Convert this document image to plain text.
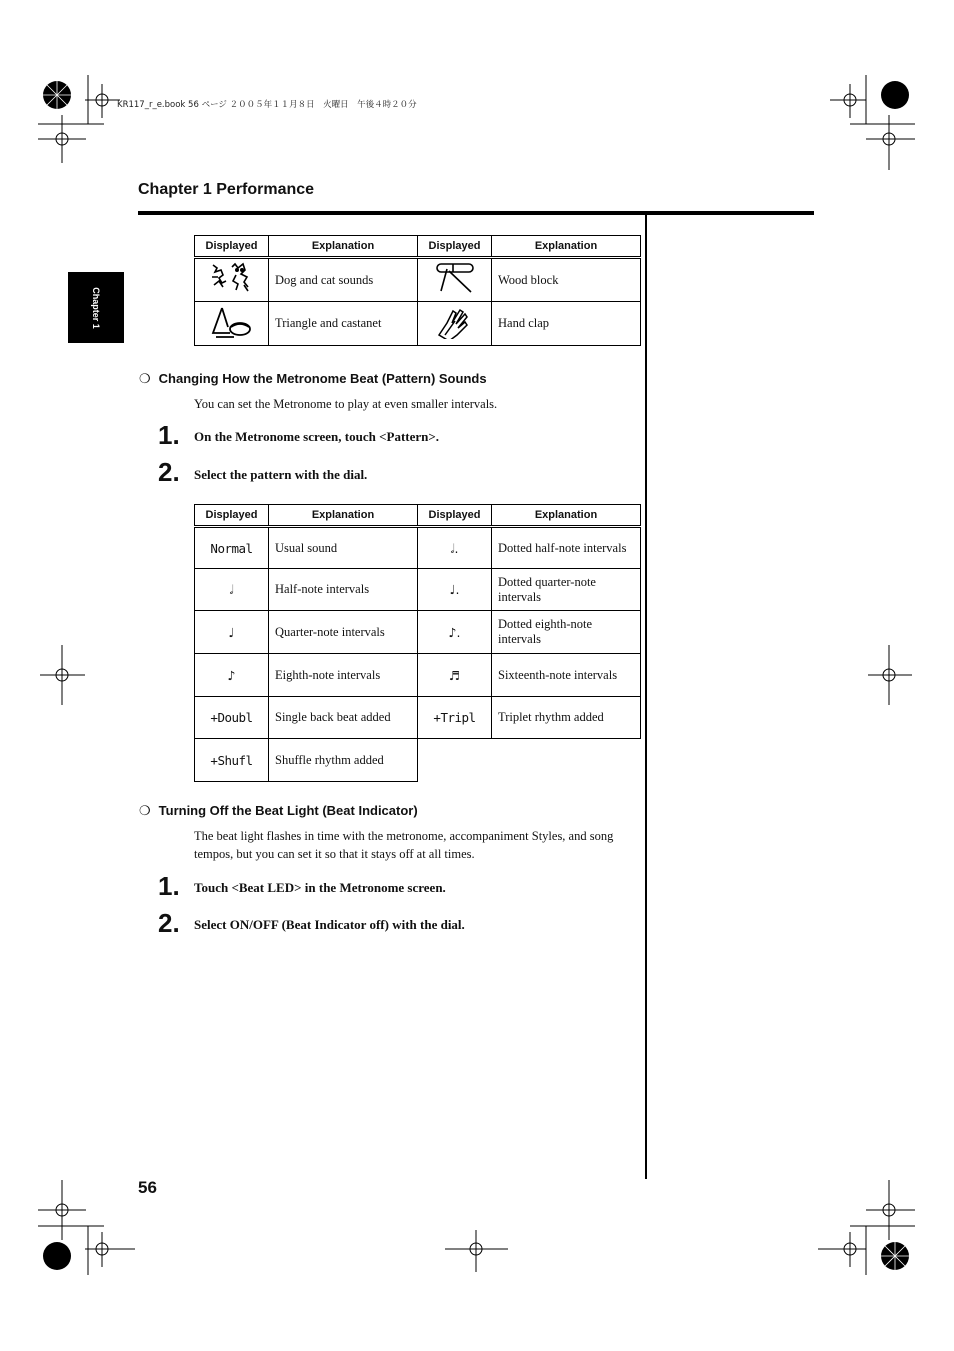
KR117_r_e.book 56 ページ ２００５年１１月８日　火曜日　午後４時２０分
Chapter 1 Performance
Chapter 1
Displayed	Explanation	Displayed	Explanation
	Dog and cat sounds		Wood block
	Triangle and castanet		Hand clap
❍ Changing How the Metronome Beat (Pattern) Sounds
You can set the Metronome to play at even smaller intervals.
1. On the Metronome screen, touch <Pattern>.
2. Select the pattern with the dial.
Displayed	Explanation	Displayed	Explanation
Normal	Usual sound	𝅗𝅥.	Dotted half-note intervals
𝅗𝅥	Half-note intervals	♩.	Dotted quarter-note intervals
♩	Quarter-note intervals	♪.	Dotted eighth-note intervals
♪	Eighth-note intervals	♬	Sixteenth-note intervals
+Doubl	Single back beat added	+Tripl	Triplet rhythm added
+Shufl	Shuffle rhythm added		
❍ Turning Off the Beat Light (Beat Indicator)
The beat light flashes in time with the metronome, accompaniment Styles, and song tempos, but you can set it so that it stays off at all times.
1. Touch <Beat LED> in the Metronome screen.
2. Select ON/OFF (Beat Indicator off) with the dial.
56
